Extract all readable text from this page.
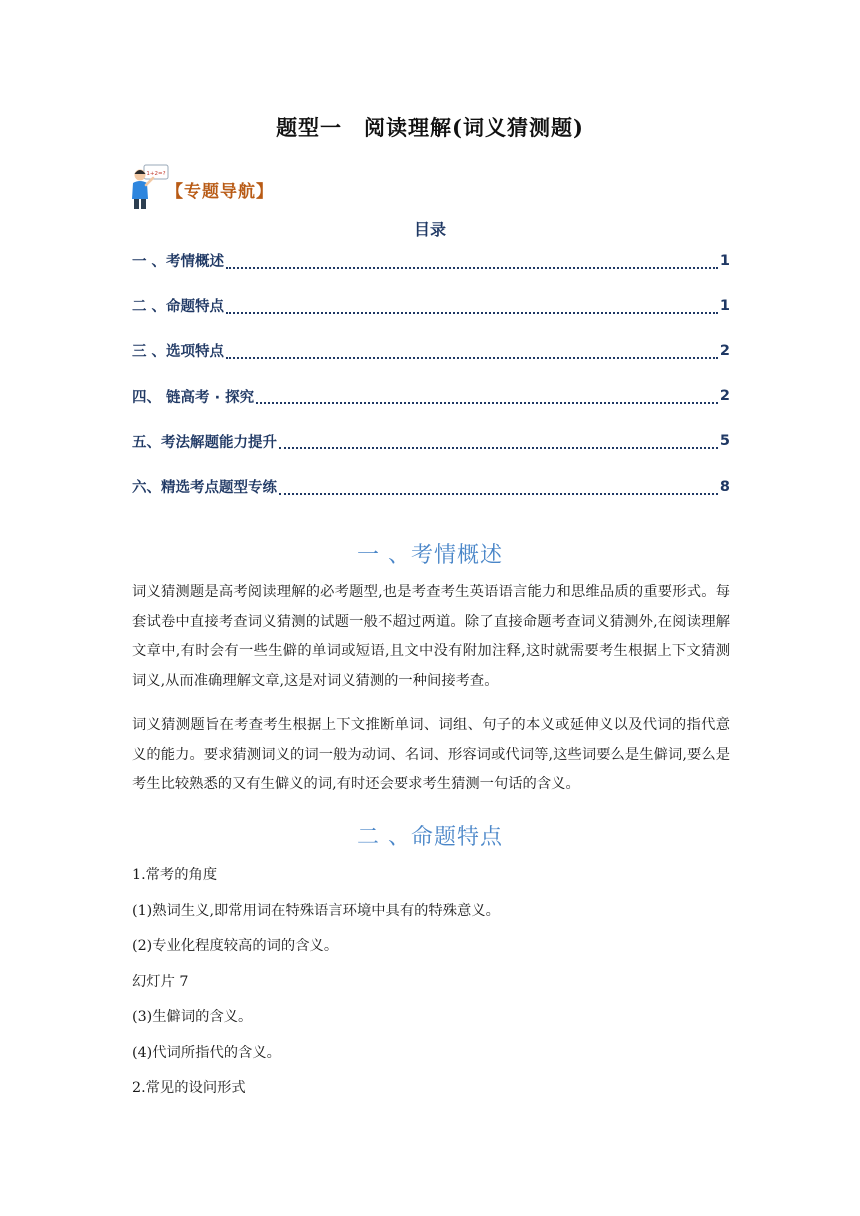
题型一　阅读理解(词义猜测题)
1+2=?
【专题导航】
目录
一 、考情概述	1
二 、命题特点	1
三 、选项特点	2
四、 链高考 · 探究	2
五、考法解题能力提升	5
六、精选考点题型专练	8
一 、考情概述
词义猜测题是高考阅读理解的必考题型,也是考查考生英语语言能力和思维品质的重要形式。每套试卷中直接考查词义猜测的试题一般不超过两道。除了直接命题考查词义猜测外,在阅读理解文章中,有时会有一些生僻的单词或短语,且文中没有附加注释,这时就需要考生根据上下文猜测词义,从而准确理解文章,这是对词义猜测的一种间接考查。
词义猜测题旨在考查考生根据上下文推断单词、词组、句子的本义或延伸义以及代词的指代意义的能力。要求猜测词义的词一般为动词、名词、形容词或代词等,这些词要么是生僻词,要么是考生比较熟悉的又有生僻义的词,有时还会要求考生猜测一句话的含义。
二 、命题特点
1.常考的角度
(1)熟词生义,即常用词在特殊语言环境中具有的特殊意义。
(2)专业化程度较高的词的含义。
幻灯片 7
(3)生僻词的含义。
(4)代词所指代的含义。
2.常见的设问形式
